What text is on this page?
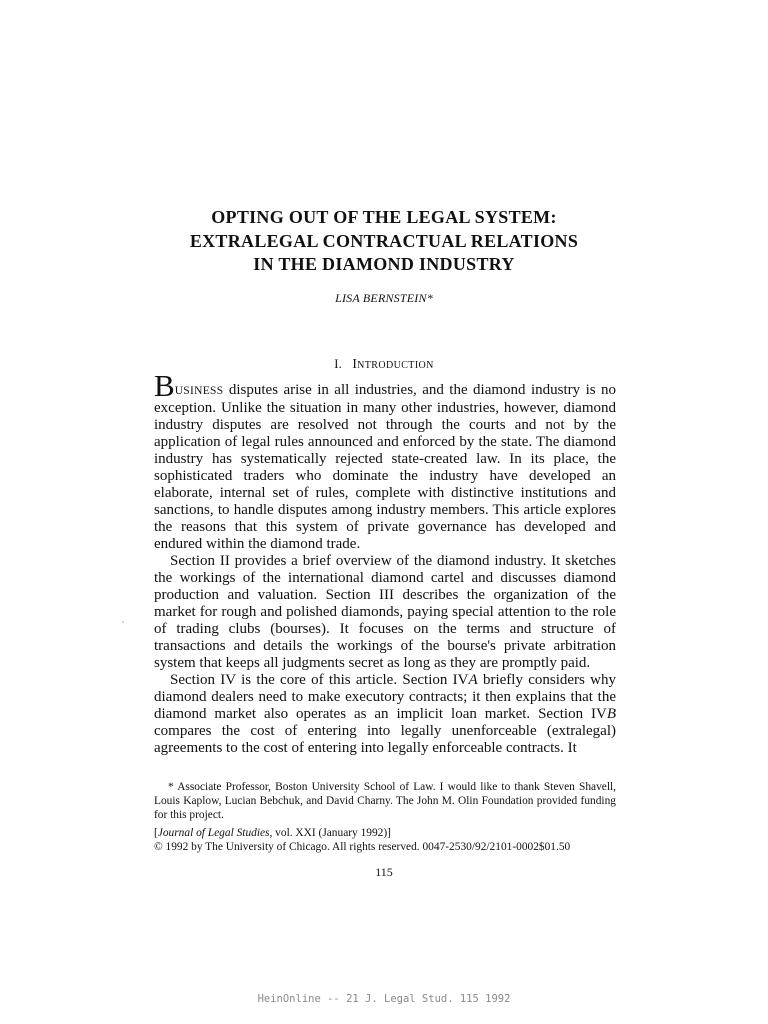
OPTING OUT OF THE LEGAL SYSTEM:
EXTRALEGAL CONTRACTUAL RELATIONS
IN THE DIAMOND INDUSTRY
LISA BERNSTEIN*
I.   INTRODUCTION

BUSINESS disputes arise in all industries, and the diamond industry is no exception. Unlike the situation in many other industries, however, diamond industry disputes are resolved not through the courts and not by the application of legal rules announced and enforced by the state. The diamond industry has systematically rejected state-created law. In its place, the sophisticated traders who dominate the industry have developed an elaborate, internal set of rules, complete with distinctive institutions and sanctions, to handle disputes among industry members. This article explores the reasons that this system of private governance has developed and endured within the diamond trade.

Section II provides a brief overview of the diamond industry. It sketches the workings of the international diamond cartel and discusses diamond production and valuation. Section III describes the organization of the market for rough and polished diamonds, paying special attention to the role of trading clubs (bourses). It focuses on the terms and structure of transactions and details the workings of the bourse's private arbitration system that keeps all judgments secret as long as they are promptly paid.

Section IV is the core of this article. Section IVA briefly considers why diamond dealers need to make executory contracts; it then explains that the diamond market also operates as an implicit loan market. Section IVB compares the cost of entering into legally unenforceable (extralegal) agreements to the cost of entering into legally enforceable contracts. It

* Associate Professor, Boston University School of Law. I would like to thank Steven Shavell, Louis Kaplow, Lucian Bebchuk, and David Charny. The John M. Olin Foundation provided funding for this project.

[Journal of Legal Studies, vol. XXI (January 1992)]

© 1992 by The University of Chicago. All rights reserved. 0047-2530/92/2101-0002$01.50

115
HeinOnline -- 21 J. Legal Stud. 115 1992
